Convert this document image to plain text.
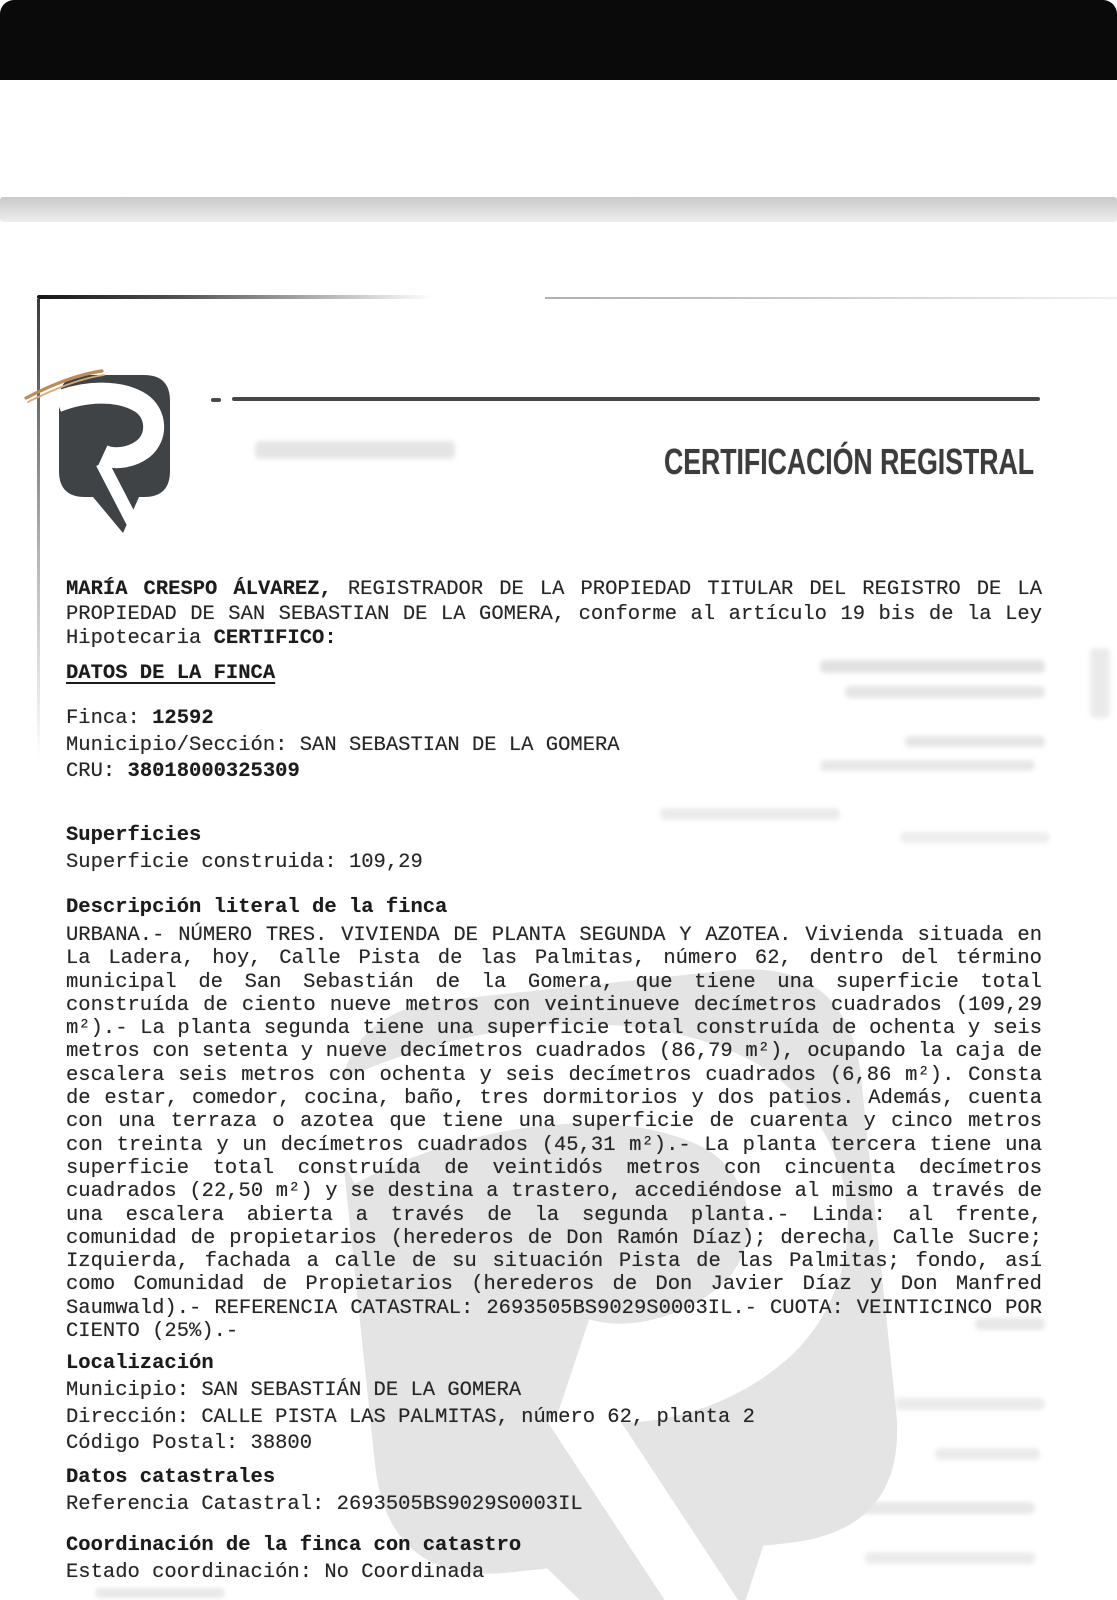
CERTIFICACIÓN REGISTRAL
MARÍA CRESPO ÁLVAREZ, REGISTRADOR DE LA PROPIEDAD TITULAR DEL REGISTRO DE LA PROPIEDAD DE SAN SEBASTIAN DE LA GOMERA, conforme al artículo 19 bis de la Ley Hipotecaria CERTIFICO:
DATOS DE LA FINCA
Finca: 12592
Municipio/Sección: SAN SEBASTIAN DE LA GOMERA
CRU: 38018000325309
Superficies
Superficie construida: 109,29
Descripción literal de la finca
URBANA.- NÚMERO TRES. VIVIENDA DE PLANTA SEGUNDA Y AZOTEA. Vivienda situada en La Ladera, hoy, Calle Pista de las Palmitas, número 62, dentro del término municipal de San Sebastián de la Gomera, que tiene una superficie total construída de ciento nueve metros con veintinueve decímetros cuadrados (109,29 m²).- La planta segunda tiene una superficie total construída de ochenta y seis metros con setenta y nueve decímetros cuadrados (86,79 m²), ocupando la caja de escalera seis metros con ochenta y seis decímetros cuadrados (6,86 m²). Consta de estar, comedor, cocina, baño, tres dormitorios y dos patios. Además, cuenta con una terraza o azotea que tiene una superficie de cuarenta y cinco metros con treinta y un decímetros cuadrados (45,31 m²).- La planta tercera tiene una superficie total construída de veintidós metros con cincuenta decímetros cuadrados (22,50 m²) y se destina a trastero, accediéndose al mismo a través de una escalera abierta a través de la segunda planta.- Linda: al frente, comunidad de propietarios (herederos de Don Ramón Díaz); derecha, Calle Sucre; Izquierda, fachada a calle de su situación Pista de las Palmitas; fondo, así como Comunidad de Propietarios (herederos de Don Javier Díaz y Don Manfred Saumwald).- REFERENCIA CATASTRAL: 2693505BS9029S0003IL.- CUOTA: VEINTICINCO POR CIENTO (25%).-
Localización
Municipio: SAN SEBASTIÁN DE LA GOMERA
Dirección: CALLE PISTA LAS PALMITAS, número 62, planta 2
Código Postal: 38800
Datos catastrales
Referencia Catastral: 2693505BS9029S0003IL
Coordinación de la finca con catastro
Estado coordinación: No Coordinada
